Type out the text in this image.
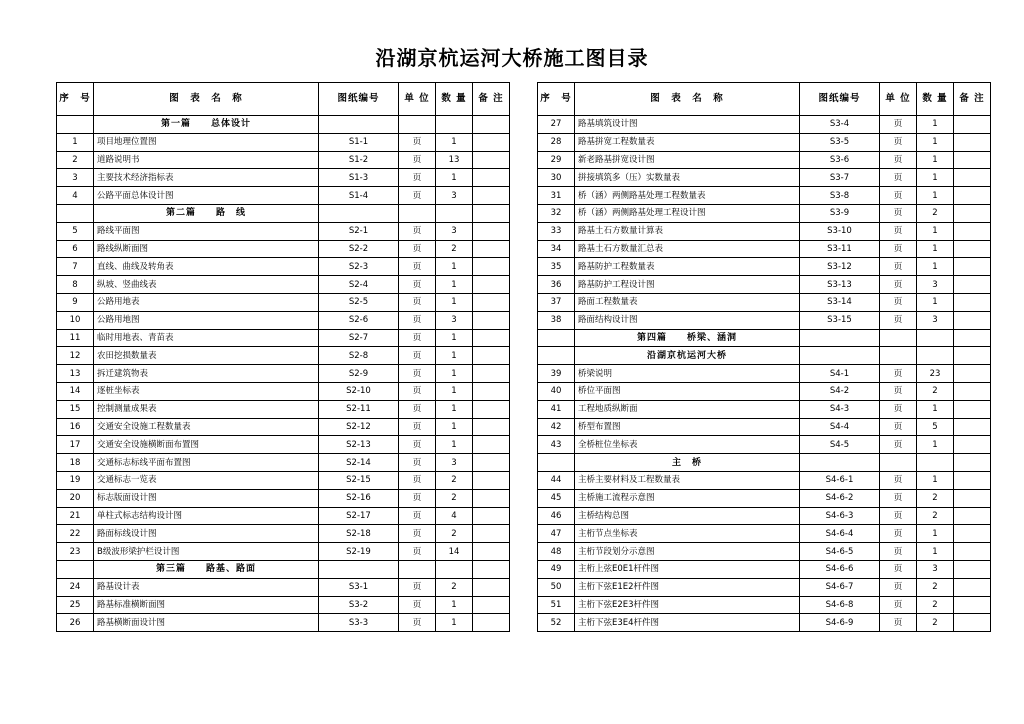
沿湖京杭运河大桥施工图目录
序　号	图　表　名　称	图纸编号	单 位	数 量	备 注
	第一篇　　总体设计				
1	项目地理位置图	S1-1	页	1	
2	道路说明书	S1-2	页	13	
3	主要技术经济指标表	S1-3	页	1	
4	公路平面总体设计图	S1-4	页	3	
	第二篇　　路　线				
5	路线平面图	S2-1	页	3	
6	路线纵断面图	S2-2	页	2	
7	直线、曲线及转角表	S2-3	页	1	
8	纵坡、竖曲线表	S2-4	页	1	
9	公路用地表	S2-5	页	1	
10	公路用地图	S2-6	页	3	
11	临时用地表、青苗表	S2-7	页	1	
12	农田挖损数量表	S2-8	页	1	
13	拆迁建筑物表	S2-9	页	1	
14	逐桩坐标表	S2-10	页	1	
15	控制测量成果表	S2-11	页	1	
16	交通安全设施工程数量表	S2-12	页	1	
17	交通安全设施横断面布置图	S2-13	页	1	
18	交通标志标线平面布置图	S2-14	页	3	
19	交通标志一览表	S2-15	页	2	
20	标志版面设计图	S2-16	页	2	
21	单柱式标志结构设计图	S2-17	页	4	
22	路面标线设计图	S2-18	页	2	
23	B级波形梁护栏设计图	S2-19	页	14	
	第三篇　　路基、路面				
24	路基设计表	S3-1	页	2	
25	路基标准横断面图	S3-2	页	1	
26	路基横断面设计图	S3-3	页	1	
序　号	图　表　名　称	图纸编号	单 位	数 量	备 注
27	路基填筑设计图	S3-4	页	1	
28	路基拼宽工程数量表	S3-5	页	1	
29	新老路基拼宽设计图	S3-6	页	1	
30	拼接填筑多（压）实数量表	S3-7	页	1	
31	桥（涵）两侧路基处理工程数量表	S3-8	页	1	
32	桥（涵）两侧路基处理工程设计图	S3-9	页	2	
33	路基土石方数量计算表	S3-10	页	1	
34	路基土石方数量汇总表	S3-11	页	1	
35	路基防护工程数量表	S3-12	页	1	
36	路基防护工程设计图	S3-13	页	3	
37	路面工程数量表	S3-14	页	1	
38	路面结构设计图	S3-15	页	3	
	第四篇　　桥梁、涵洞				
	沿湖京杭运河大桥				
39	桥梁说明	S4-1	页	23	
40	桥位平面图	S4-2	页	2	
41	工程地质纵断面	S4-3	页	1	
42	桥型布置图	S4-4	页	5	
43	全桥桩位坐标表	S4-5	页	1	
	主　桥				
44	主桥主要材料及工程数量表	S4-6-1	页	1	
45	主桥施工流程示意图	S4-6-2	页	2	
46	主桥结构总图	S4-6-3	页	2	
47	主桁节点坐标表	S4-6-4	页	1	
48	主桁节段划分示意图	S4-6-5	页	1	
49	主桁上弦E0E1杆件图	S4-6-6	页	3	
50	主桁下弦E1E2杆件图	S4-6-7	页	2	
51	主桁下弦E2E3杆件图	S4-6-8	页	2	
52	主桁下弦E3E4杆件图	S4-6-9	页	2	
